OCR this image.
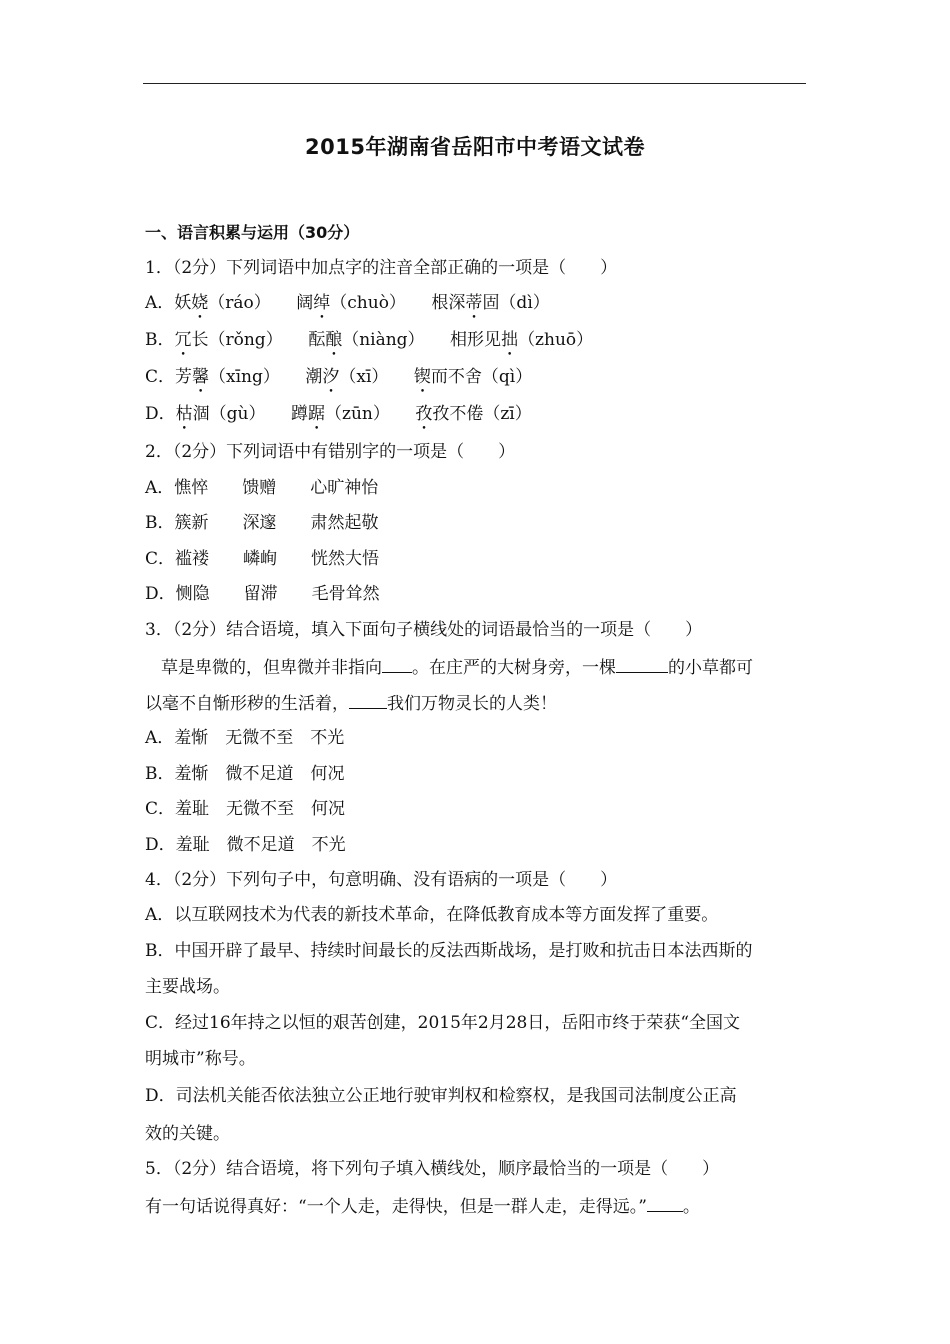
2015年湖南省岳阳市中考语文试卷
一、语言积累与运用（30分）
1．（2分）下列词语中加点字的注音全部正确的一项是（　　）
A．妖娆（ráo）　　阔绰（chuò）　　根深蒂固（dì）
B．冗长（rǒng）　　酝酿（niàng）　　相形见拙（zhuō）
C．芳馨（xīng）　　潮汐（xī）　　锲而不舍（qì）
D．枯涸（gù）　　蹲踞（zūn）　　孜孜不倦（zī）
2．（2分）下列词语中有错别字的一项是（　　）
A．憔悴　　馈赠　　心旷神怡
B．簇新　　深邃　　肃然起敬
C．褴褛　　嶙峋　　恍然大悟
D．恻隐　　留滞　　毛骨耸然
3．（2分）结合语境，填入下面句子横线处的词语最恰当的一项是（　　）
草是卑微的，但卑微并非指向 。在庄严的大树身旁，一棵	的小草都可
以毫不自惭形秽的生活着， 我们万物灵长的人类！
A．羞惭　无微不至　不光
B．羞惭　微不足道　何况
C．羞耻　无微不至　何况
D．羞耻　微不足道　不光
4．（2分）下列句子中，句意明确、没有语病的一项是（　　）
A．以互联网技术为代表的新技术革命，在降低教育成本等方面发挥了重要。
B．中国开辟了最早、持续时间最长的反法西斯战场，是打败和抗击日本法西斯的
主要战场。
C．经过16年持之以恒的艰苦创建，2015年2月28日，岳阳市终于荣获“全国文
明城市”称号。
D．司法机关能否依法独立公正地行驶审判权和检察权，是我国司法制度公正高
效的关键。
5．（2分）结合语境，将下列句子填入横线处，顺序最恰当的一项是（　　）
有一句话说得真好：“一个人走，走得快，但是一群人走，走得远。” 。
